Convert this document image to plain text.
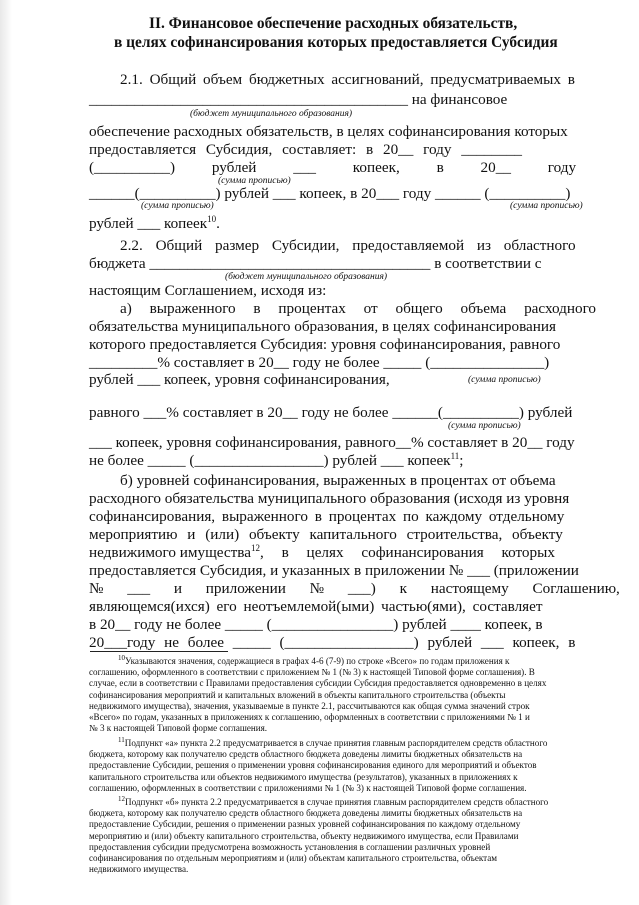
II. Финансовое обеспечение расходных обязательств,
в целях софинансирования которых предоставляется Субсидия
2.1. Общий объем бюджетных ассигнований, предусматриваемых в
__________________________________________ на финансовое
(бюджет муниципального образования)
обеспечение расходных обязательств, в целях софинансирования которых
предоставляется Субсидия, составляет: в 20__ году ________
(__________) рублей ___ копеек, в 20__ году
(сумма прописью)
______(__________) рублей ___ копеек, в 20___ году ______ (__________)
(сумма прописью)	(сумма прописью)
рублей ___ копеек$^{10}$.
2.2. Общий размер Субсидии, предоставляемой из областного
бюджета _____________________________________ в соответствии с
(бюджет муниципального образования)
настоящим Соглашением, исходя из:
а) выраженного в процентах от общего объема расходного
обязательства муниципального образования, в целях софинансирования
которого предоставляется Субсидия: уровня софинансирования, равного
_________% составляет в 20__ году не более _____ (_______________)
рублей ___ копеек, уровня софинансирования,	(сумма прописью)
равного ___% составляет в 20__ году не более ______(__________) рублей
(сумма прописью)
___ копеек, уровня софинансирования, равного__% составляет в 20__ году
не более _____ (_________________) рублей ___ копеек$^{11}$;
б) уровней софинансирования, выраженных в процентах от объема
расходного обязательства муниципального образования (исходя из уровня
софинансирования, выраженного в процентах по каждому отдельному
мероприятию и (или) объекту капитального строительства, объекту
недвижимого имущества$^{12}$, в целях софинансирования которых
предоставляется Субсидия, и указанных в приложении № ___ (приложении
№ ___ и приложении № ___) к настоящему Соглашению,
являющемся(ихся) его неотъемлемой(ыми) частью(ями), составляет
в 20__ году не более _____ (________________) рублей ____ копеек, в
20___году не более _____ (_________________) рублей ___ копеек, в
$^{10}$Указываются значения, содержащиеся в графах 4-6 (7-9) по строке «Всего» по годам приложения к
соглашению, оформленного в соответствии с приложением № 1 (№ 3) к настоящей Типовой форме соглашения). В
случае, если в соответствии с Правилами предоставления субсидии Субсидия предоставляется одновременно в целях
софинансирования мероприятий и капитальных вложений в объекты капитального строительства (объекты
недвижимого имущества), значения, указываемые в пункте 2.1, рассчитываются как общая сумма значений строк
«Всего» по годам, указанных в приложениях к соглашению, оформленных в соответствии с приложениями № 1 и
№ 3 к настоящей Типовой форме соглашения.
$^{11}$Подпункт «а» пункта 2.2 предусматривается в случае принятия главным распорядителем средств областного
бюджета, которому как получателю средств областного бюджета доведены лимиты бюджетных обязательств на
предоставление Субсидии, решения о применении уровня софинансирования единого для мероприятий и объектов
капитального строительства или объектов недвижимого имущества (результатов), указанных в приложениях к
соглашению, оформленных в соответствии с приложениями № 1 (№ 3) к настоящей Типовой форме соглашения.
$^{12}$Подпункт «б» пункта 2.2 предусматривается в случае принятия главным распорядителем средств областного
бюджета, которому как получателю средств областного бюджета доведены лимиты бюджетных обязательств на
предоставление Субсидии, решения о применении разных уровней софинансирования по каждому отдельному
мероприятию и (или) объекту капитального строительства, объекту недвижимого имущества, если Правилами
предоставления субсидии предусмотрена возможность установления в соглашении различных уровней
софинансирования по отдельным мероприятиям и (или) объектам капитального строительства, объектам
недвижимого имущества.
